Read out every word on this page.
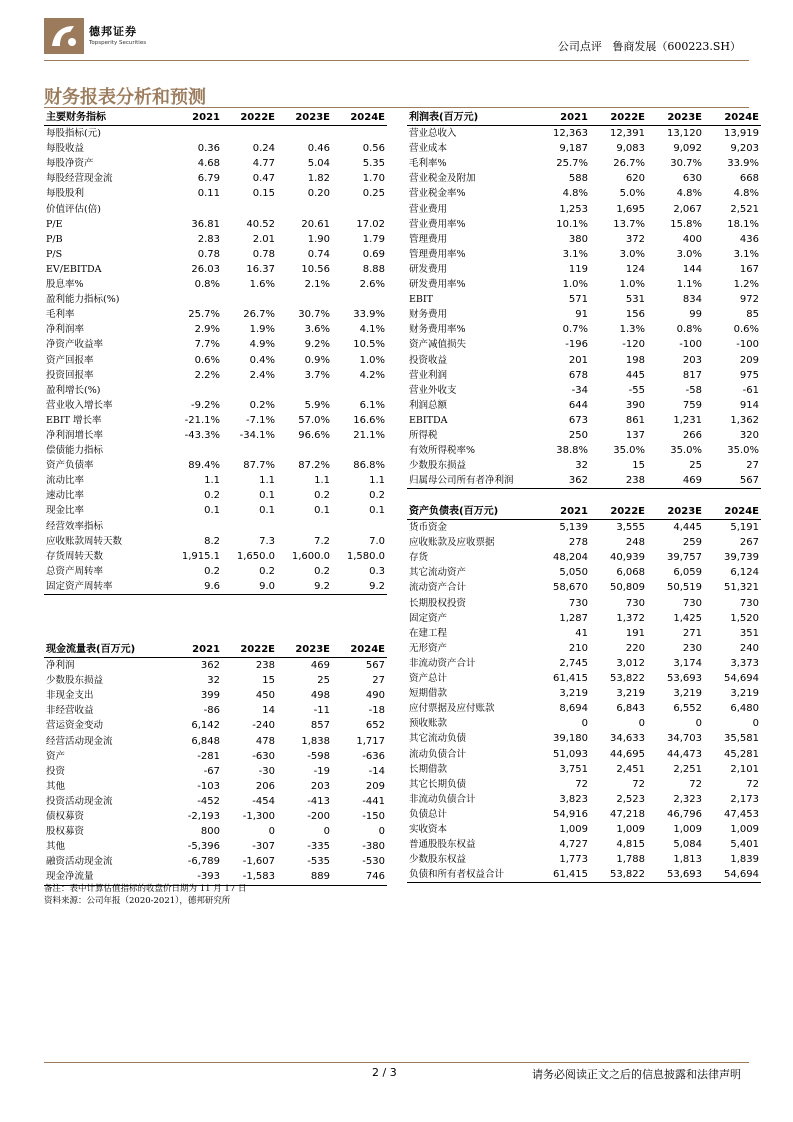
德邦证券
Topsperity Securities	公司点评 鲁商发展（600223.SH）
财务报表分析和预测
主要财务指标	2021	2022E	2023E	2024E
每股指标(元)				
每股收益	0.36	0.24	0.46	0.56
每股净资产	4.68	4.77	5.04	5.35
每股经营现金流	6.79	0.47	1.82	1.70
每股股利	0.11	0.15	0.20	0.25
价值评估(倍)				
P/E	36.81	40.52	20.61	17.02
P/B	2.83	2.01	1.90	1.79
P/S	0.78	0.78	0.74	0.69
EV/EBITDA	26.03	16.37	10.56	8.88
股息率%	0.8%	1.6%	2.1%	2.6%
盈利能力指标(%)				
毛利率	25.7%	26.7%	30.7%	33.9%
净利润率	2.9%	1.9%	3.6%	4.1%
净资产收益率	7.7%	4.9%	9.2%	10.5%
资产回报率	0.6%	0.4%	0.9%	1.0%
投资回报率	2.2%	2.4%	3.7%	4.2%
盈利增长(%)				
营业收入增长率	-9.2%	0.2%	5.9%	6.1%
EBIT 增长率	-21.1%	-7.1%	57.0%	16.6%
净利润增长率	-43.3%	-34.1%	96.6%	21.1%
偿债能力指标				
资产负债率	89.4%	87.7%	87.2%	86.8%
流动比率	1.1	1.1	1.1	1.1
速动比率	0.2	0.1	0.2	0.2
现金比率	0.1	0.1	0.1	0.1
经营效率指标				
应收账款周转天数	8.2	7.3	7.2	7.0
存货周转天数	1,915.1	1,650.0	1,600.0	1,580.0
总资产周转率	0.2	0.2	0.2	0.3
固定资产周转率	9.6	9.0	9.2	9.2
利润表(百万元)	2021	2022E	2023E	2024E
营业总收入	12,363	12,391	13,120	13,919
营业成本	9,187	9,083	9,092	9,203
毛利率%	25.7%	26.7%	30.7%	33.9%
营业税金及附加	588	620	630	668
营业税金率%	4.8%	5.0%	4.8%	4.8%
营业费用	1,253	1,695	2,067	2,521
营业费用率%	10.1%	13.7%	15.8%	18.1%
管理费用	380	372	400	436
管理费用率%	3.1%	3.0%	3.0%	3.1%
研发费用	119	124	144	167
研发费用率%	1.0%	1.0%	1.1%	1.2%
EBIT	571	531	834	972
财务费用	91	156	99	85
财务费用率%	0.7%	1.3%	0.8%	0.6%
资产减值损失	-196	-120	-100	-100
投资收益	201	198	203	209
营业利润	678	445	817	975
营业外收支	-34	-55	-58	-61
利润总额	644	390	759	914
EBITDA	673	861	1,231	1,362
所得税	250	137	266	320
有效所得税率%	38.8%	35.0%	35.0%	35.0%
少数股东损益	32	15	25	27
归属母公司所有者净利润	362	238	469	567
资产负债表(百万元)	2021	2022E	2023E	2024E
货币资金	5,139	3,555	4,445	5,191
应收账款及应收票据	278	248	259	267
存货	48,204	40,939	39,757	39,739
其它流动资产	5,050	6,068	6,059	6,124
流动资产合计	58,670	50,809	50,519	51,321
长期股权投资	730	730	730	730
固定资产	1,287	1,372	1,425	1,520
在建工程	41	191	271	351
无形资产	210	220	230	240
非流动资产合计	2,745	3,012	3,174	3,373
资产总计	61,415	53,822	53,693	54,694
短期借款	3,219	3,219	3,219	3,219
应付票据及应付账款	8,694	6,843	6,552	6,480
预收账款	0	0	0	0
其它流动负债	39,180	34,633	34,703	35,581
流动负债合计	51,093	44,695	44,473	45,281
长期借款	3,751	2,451	2,251	2,101
其它长期负债	72	72	72	72
非流动负债合计	3,823	2,523	2,323	2,173
负债总计	54,916	47,218	46,796	47,453
实收资本	1,009	1,009	1,009	1,009
普通股股东权益	4,727	4,815	5,084	5,401
少数股东权益	1,773	1,788	1,813	1,839
负债和所有者权益合计	61,415	53,822	53,693	54,694
现金流量表(百万元)	2021	2022E	2023E	2024E
净利润	362	238	469	567
少数股东损益	32	15	25	27
非现金支出	399	450	498	490
非经营收益	-86	14	-11	-18
营运资金变动	6,142	-240	857	652
经营活动现金流	6,848	478	1,838	1,717
资产	-281	-630	-598	-636
投资	-67	-30	-19	-14
其他	-103	206	203	209
投资活动现金流	-452	-454	-413	-441
债权募资	-2,193	-1,300	-200	-150
股权募资	800	0	0	0
其他	-5,396	-307	-335	-380
融资活动现金流	-6,789	-1,607	-535	-530
现金净流量	-393	-1,583	889	746
备注：表中计算估值指标的收盘价日期为 11 月 17 日
资料来源：公司年报（2020-2021），德邦研究所
2 / 3	请务必阅读正文之后的信息披露和法律声明
